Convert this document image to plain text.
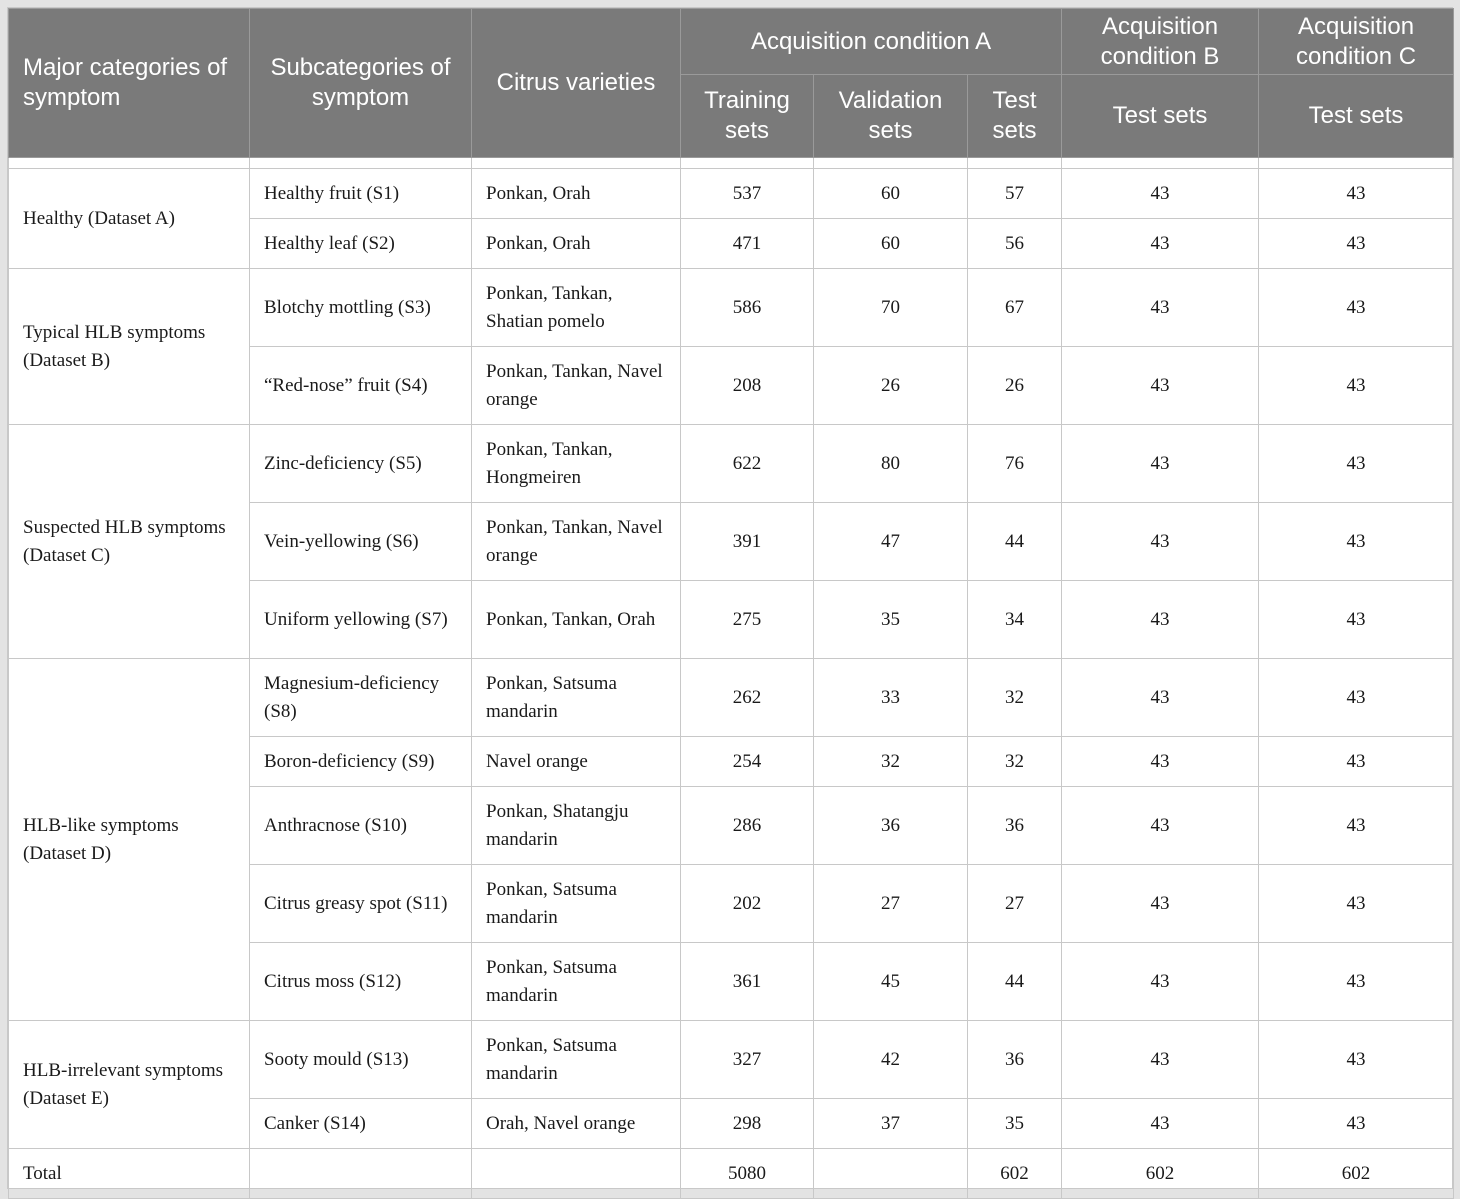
Major categories of symptom	Subcategories of symptom	Citrus varieties	Acquisition condition A			Acquisition condition B	Acquisition condition C
			Training sets	Validation sets	Test sets	Test sets	Test sets

Healthy (Dataset A)	Healthy fruit (S1)	Ponkan, Orah	537	60	57	43	43
	Healthy leaf (S2)	Ponkan, Orah	471	60	56	43	43
Typical HLB symptoms (Dataset B)	Blotchy mottling (S3)	Ponkan, Tankan, Shatian pomelo	586	70	67	43	43
	“Red-nose” fruit (S4)	Ponkan, Tankan, Navel orange	208	26	26	43	43
Suspected HLB symptoms (Dataset C)	Zinc-deficiency (S5)	Ponkan, Tankan, Hongmeiren	622	80	76	43	43
	Vein-yellowing (S6)	Ponkan, Tankan, Navel orange	391	47	44	43	43
	Uniform yellowing (S7)	Ponkan, Tankan, Orah	275	35	34	43	43
HLB-like symptoms (Dataset D)	Magnesium-deficiency (S8)	Ponkan, Satsuma mandarin	262	33	32	43	43
	Boron-deficiency (S9)	Navel orange	254	32	32	43	43
	Anthracnose (S10)	Ponkan, Shatangju mandarin	286	36	36	43	43
	Citrus greasy spot (S11)	Ponkan, Satsuma mandarin	202	27	27	43	43
	Citrus moss (S12)	Ponkan, Satsuma mandarin	361	45	44	43	43
HLB-irrelevant symptoms (Dataset E)	Sooty mould (S13)	Ponkan, Satsuma mandarin	327	42	36	43	43
	Canker (S14)	Orah, Navel orange	298	37	35	43	43
Total			5080		602	602	602
